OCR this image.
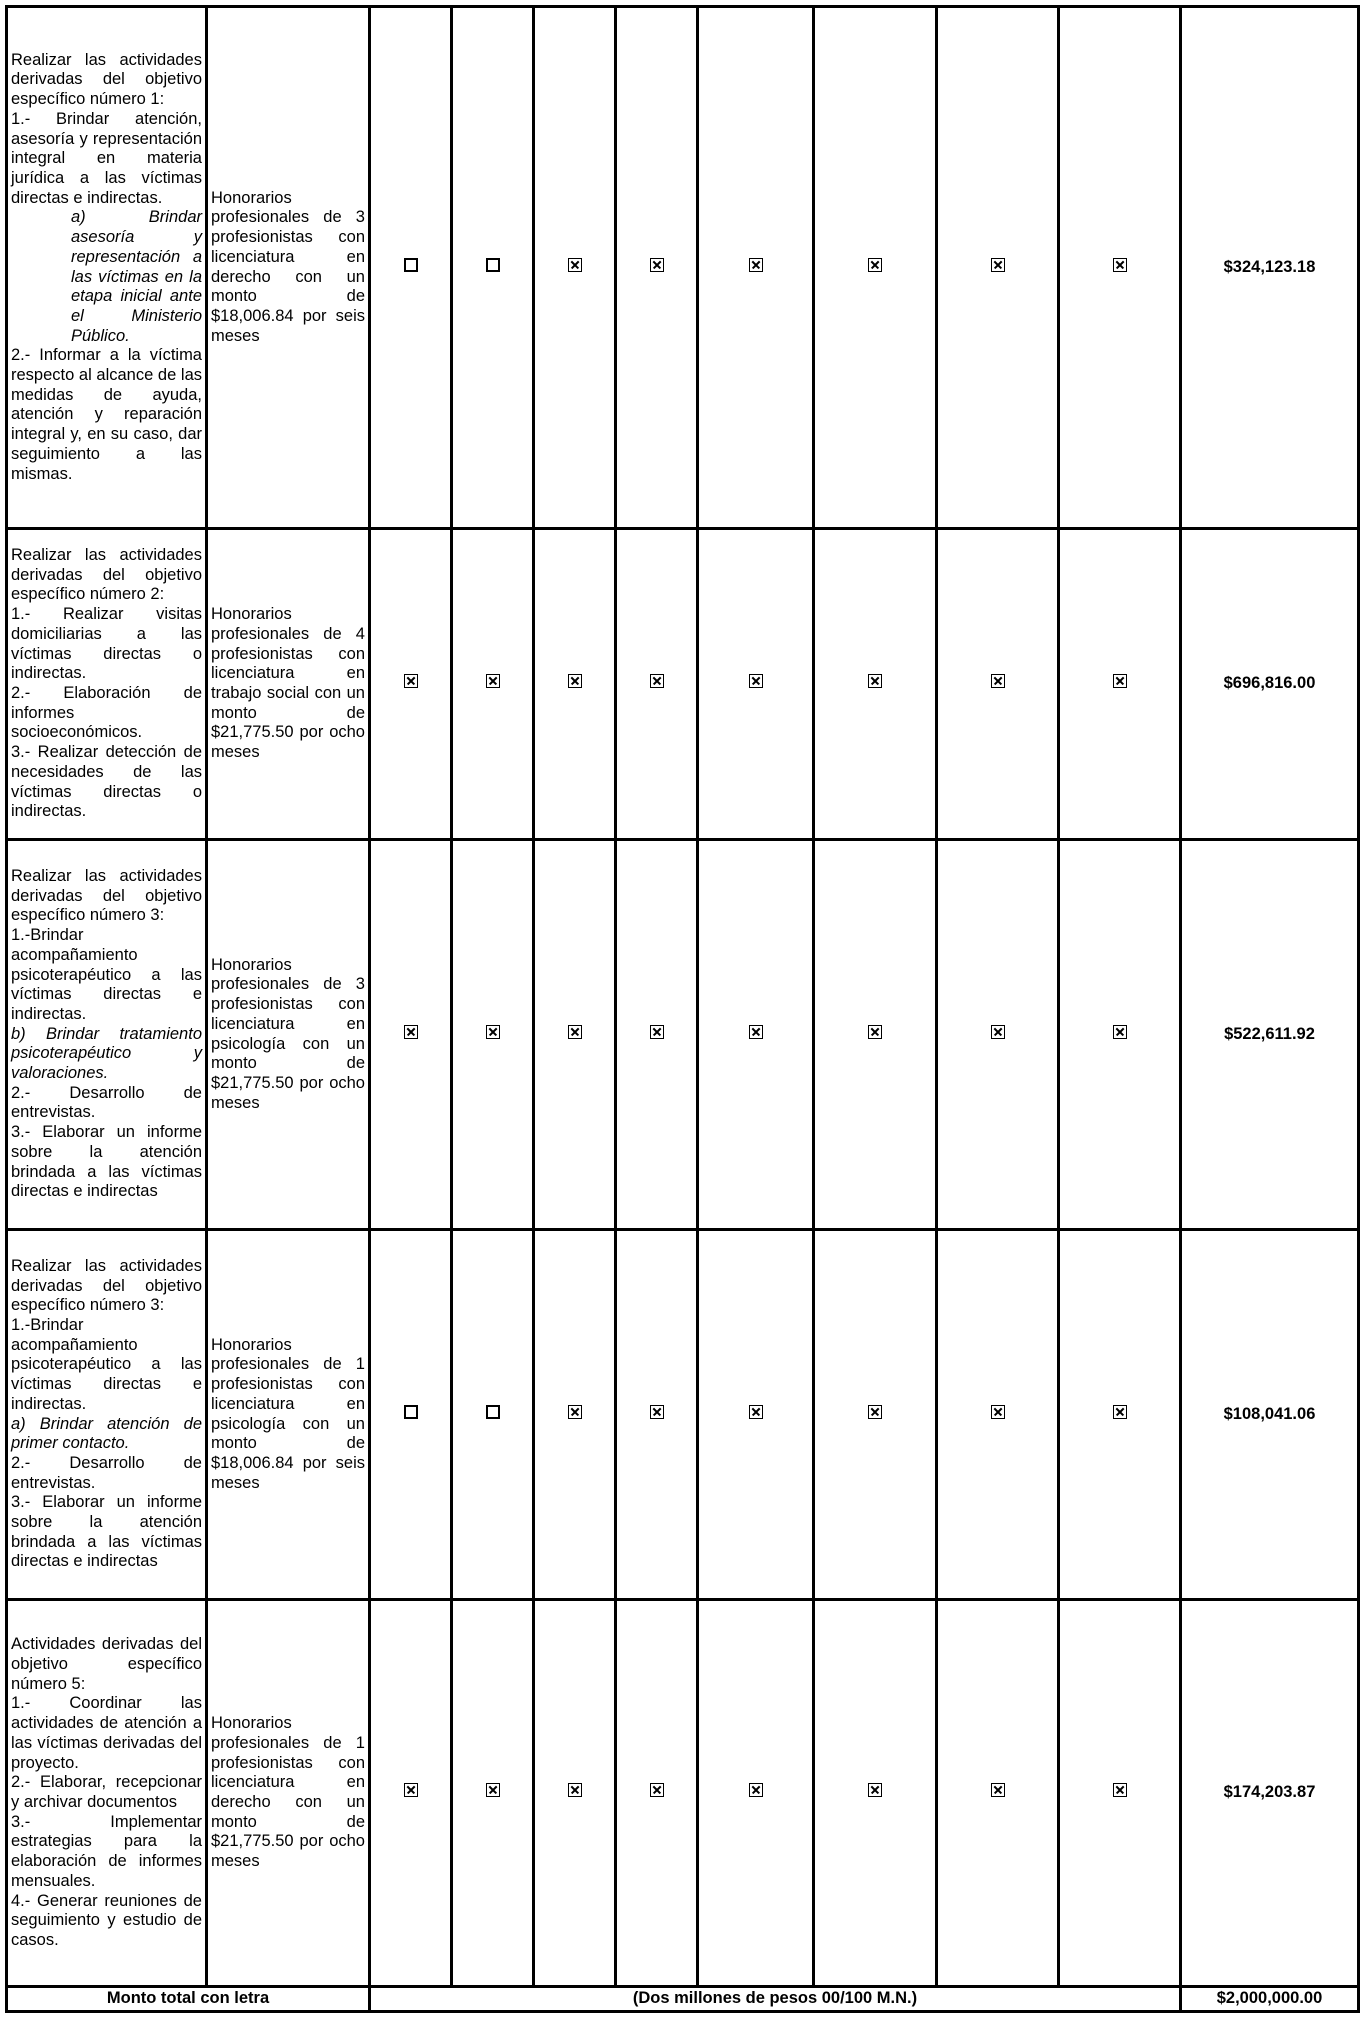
Realizar las actividades derivadas del objetivo específico número 1:
1.- Brindar atención, asesoría y representación integral en materia jurídica a las víctimas directas e indirectas.
a) Brindar asesoría y representación a las víctimas en la etapa inicial ante el Ministerio Público.
2.- Informar a la víctima respecto al alcance de las medidas de ayuda, atención y reparación integral y, en su caso, dar seguimiento a las mismas.	Honorarios profesionales de 3 profesionistas con licenciatura en derecho con un monto de $18,006.84 por seis meses									$324,123.18

Realizar las actividades derivadas del objetivo específico número 2:
1.- Realizar visitas domiciliarias a las víctimas directas o indirectas.
2.- Elaboración de informes socioeconómicos.
3.- Realizar detección de necesidades de las víctimas directas o indirectas.	Honorarios profesionales de 4 profesionistas con licenciatura en trabajo social con un monto de $21,775.50 por ocho meses									$696,816.00

Realizar las actividades derivadas del objetivo específico número 3:
1.-Brindar acompañamiento psicoterapéutico a las víctimas directas e indirectas.
b) Brindar tratamiento psicoterapéutico y valoraciones.
2.- Desarrollo de entrevistas.
3.- Elaborar un informe sobre la atención brindada a las víctimas directas e indirectas	Honorarios profesionales de 3 profesionistas con licenciatura en psicología con un monto de $21,775.50 por ocho meses									$522,611.92

Realizar las actividades derivadas del objetivo específico número 3:
1.-Brindar acompañamiento psicoterapéutico a las víctimas directas e indirectas.
a) Brindar atención de primer contacto.
2.- Desarrollo de entrevistas.
3.- Elaborar un informe sobre la atención brindada a las víctimas directas e indirectas	Honorarios profesionales de 1 profesionistas con licenciatura en psicología con un monto de $18,006.84 por seis meses									$108,041.06

Actividades derivadas del objetivo específico número 5:
1.- Coordinar las actividades de atención a las víctimas derivadas del proyecto.
2.- Elaborar, recepcionar y archivar documentos
3.- Implementar estrategias para la elaboración de informes mensuales.
4.- Generar reuniones de seguimiento y estudio de casos.	Honorarios profesionales de 1 profesionistas con licenciatura en derecho con un monto de $21,775.50 por ocho meses									$174,203.87
Monto total con letra		(Dos millones de pesos 00/100 M.N.)								$2,000,000.00
